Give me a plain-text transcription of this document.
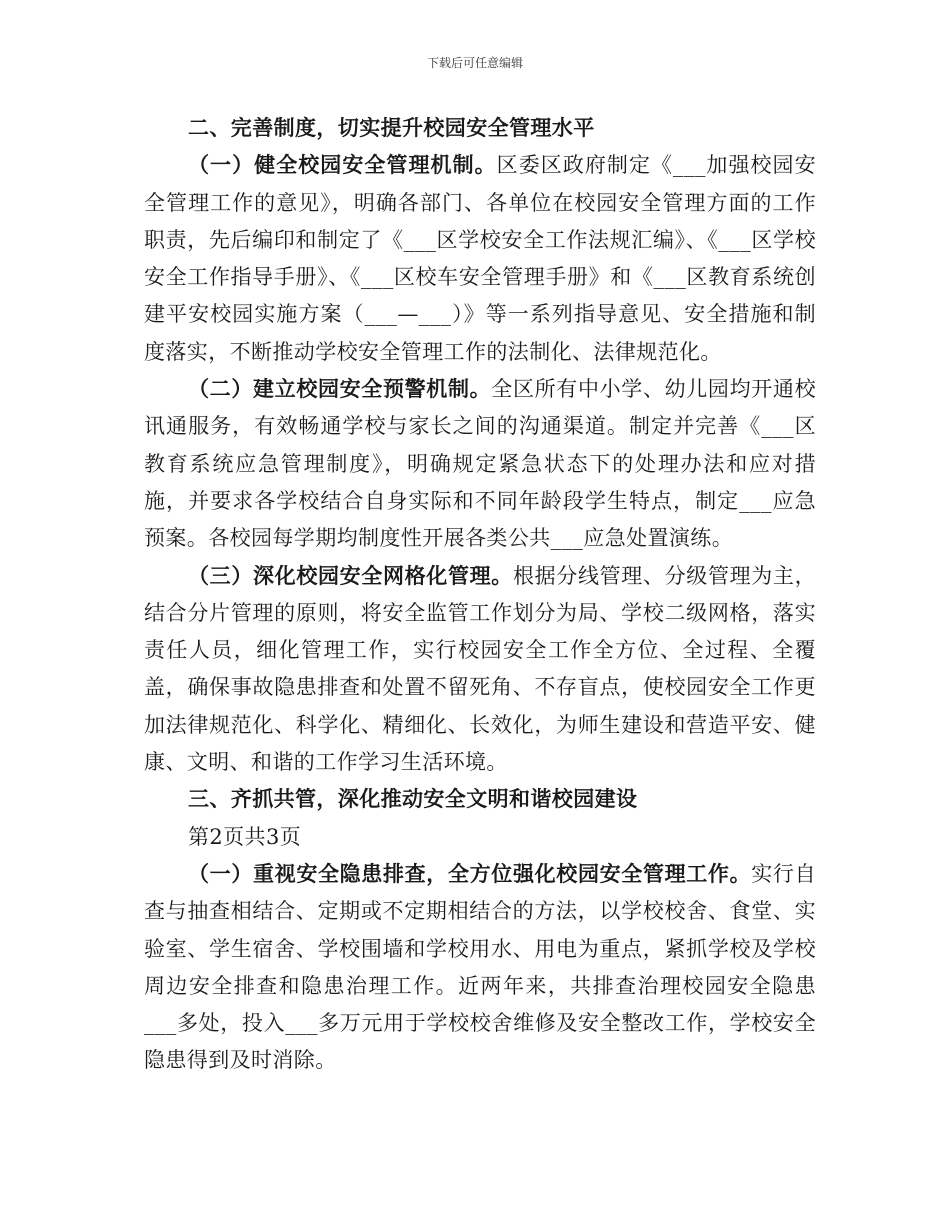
下载后可任意编辑

二、完善制度，切实提升校园安全管理水平

（一）健全校园安全管理机制。区委区政府制定《___加强校园安全管理工作的意见》，明确各部门、各单位在校园安全管理方面的工作职责，先后编印和制定了《___区学校安全工作法规汇编》、《___区学校安全工作指导手册》、《___区校车安全管理手册》和《___区教育系统创建平安校园实施方案（___—___）》等一系列指导意见、安全措施和制度落实，不断推动学校安全管理工作的法制化、法律规范化。

（二）建立校园安全预警机制。全区所有中小学、幼儿园均开通校讯通服务，有效畅通学校与家长之间的沟通渠道。制定并完善《___区教育系统应急管理制度》，明确规定紧急状态下的处理办法和应对措施，并要求各学校结合自身实际和不同年龄段学生特点，制定___应急预案。各校园每学期均制度性开展各类公共___应急处置演练。

（三）深化校园安全网格化管理。根据分线管理、分级管理为主，结合分片管理的原则，将安全监管工作划分为局、学校二级网格，落实责任人员，细化管理工作，实行校园安全工作全方位、全过程、全覆盖，确保事故隐患排查和处置不留死角、不存盲点，使校园安全工作更加法律规范化、科学化、精细化、长效化，为师生建设和营造平安、健康、文明、和谐的工作学习生活环境。

三、齐抓共管，深化推动安全文明和谐校园建设

第2页共3页

（一）重视安全隐患排查，全方位强化校园安全管理工作。实行自查与抽查相结合、定期或不定期相结合的方法，以学校校舍、食堂、实验室、学生宿舍、学校围墙和学校用水、用电为重点，紧抓学校及学校周边安全排查和隐患治理工作。近两年来，共排查治理校园安全隐患___多处，投入___多万元用于学校校舍维修及安全整改工作，学校安全隐患得到及时消除。
